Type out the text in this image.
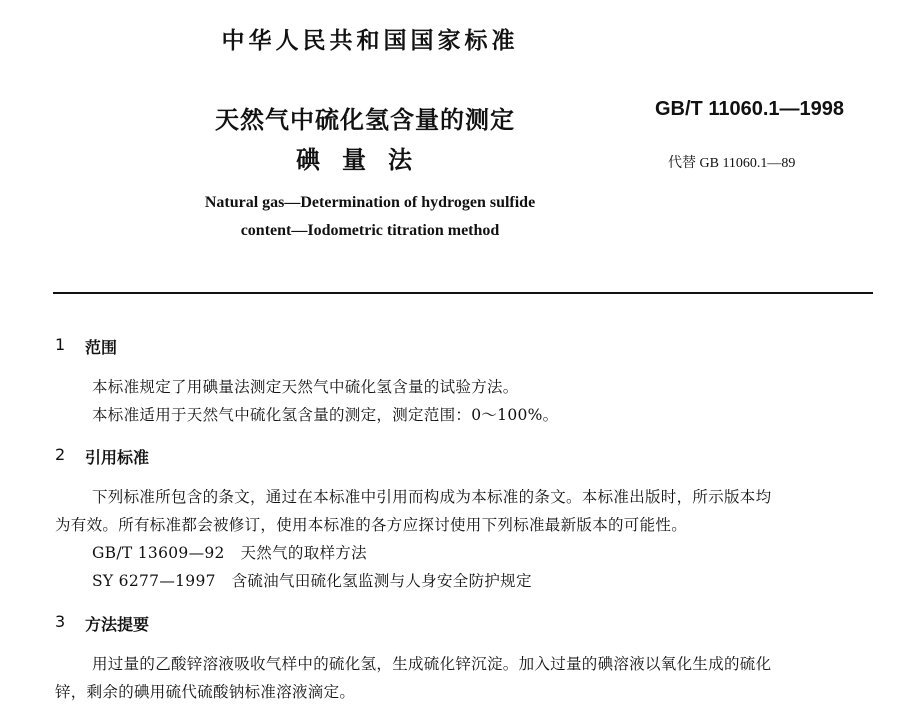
中华人民共和国国家标准
天然气中硫化氢含量的测定
碘量法
GB/T 11060.1—1998
代替 GB 11060.1—89
Natural gas—Determination of hydrogen sulfide
content—Iodometric titration method
1 范围
本标准规定了用碘量法测定天然气中硫化氢含量的试验方法。
本标准适用于天然气中硫化氢含量的测定，测定范围：0～100%。
2 引用标准
下列标准所包含的条文，通过在本标准中引用而构成为本标准的条文。本标准出版时，所示版本均
为有效。所有标准都会被修订，使用本标准的各方应探讨使用下列标准最新版本的可能性。
GB/T 13609—92　天然气的取样方法
SY 6277—1997　含硫油气田硫化氢监测与人身安全防护规定
3 方法提要
用过量的乙酸锌溶液吸收气样中的硫化氢，生成硫化锌沉淀。加入过量的碘溶液以氧化生成的硫化
锌，剩余的碘用硫代硫酸钠标准溶液滴定。
